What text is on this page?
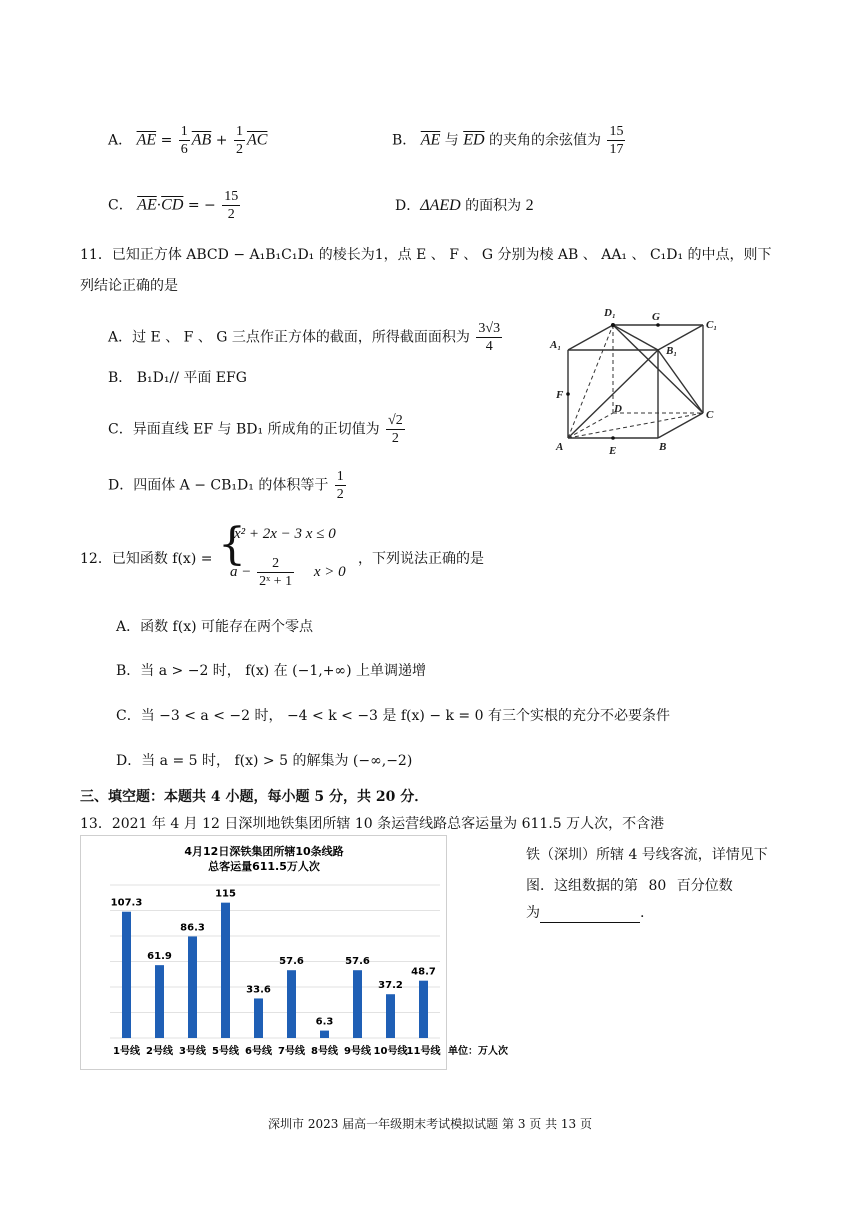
A． $\overline{AE} = \frac{1}{6} \overline{AB} + \frac{1}{2} \overline{AC}$	B． $\overline{AE}$ 与 $\overline{ED}$ 的夹角的余弦值为 $\frac{15}{17}$
C． $\overline{AE}\cdot\overline{CD}$ = − $\frac{15}{2}$	D．ΔAED 的面积为 2
11．已知正方体 ABCD − A₁B₁C₁D₁ 的棱长为1，点 E 、 F 、 G 分别为棱 AB 、 AA₁ 、 C₁D₁ 的中点，则下
列结论正确的是
A．过 E 、 F 、 G 三点作正方体的截面，所得截面面积为 $\frac{3√3}{4}$
B． B₁D₁// 平面 EFG
C．异面直线 EF 与 BD₁ 所成角的正切值为 $\frac{√2}{2}$
D．四面体 A − CB₁D₁ 的体积等于 $\frac{1}{2}$
D₁	G
C₁
A₁	B₁
F
D	C
A	E	B
12．已知函数 f(x) = {
x² + 2x − 3 x ≤ 0
$a - \frac{2}{\text{2ˣ + 1}}$ x > 0
，下列说法正确的是
A．函数 f(x) 可能存在两个零点
B．当 a > −2 时， f(x) 在 (−1,+∞) 上单调递增
C．当 −3 < a < −2 时， −4 < k < −3 是 f(x) − k = 0 有三个实根的充分不必要条件
D．当 a = 5 时， f(x) > 5 的解集为 (−∞,−2)
三、填空题：本题共 4 小题，每小题 5 分，共 20 分．
13．2021 年 4 月 12 日深圳地铁集团所辖 10 条运营线路总客运量为 611.5 万人次，不含港
铁（深圳）所辖 4 号线客流，详情见下
图．这组数据的第 80 百分位数
为	.
4月12日深铁集团所辖10条线路
总客运量611.5万人次
107.3
61.9
86.3
115
33.6
57.6
6.3
57.6
37.2
48.7
1号线 2号线 3号线 5号线 6号线 7号线 8号线 9号线 10号线 11号线 单位：万人次
深圳市 2023 届高一年级期末考试模拟试题 第 3 页 共 13 页
